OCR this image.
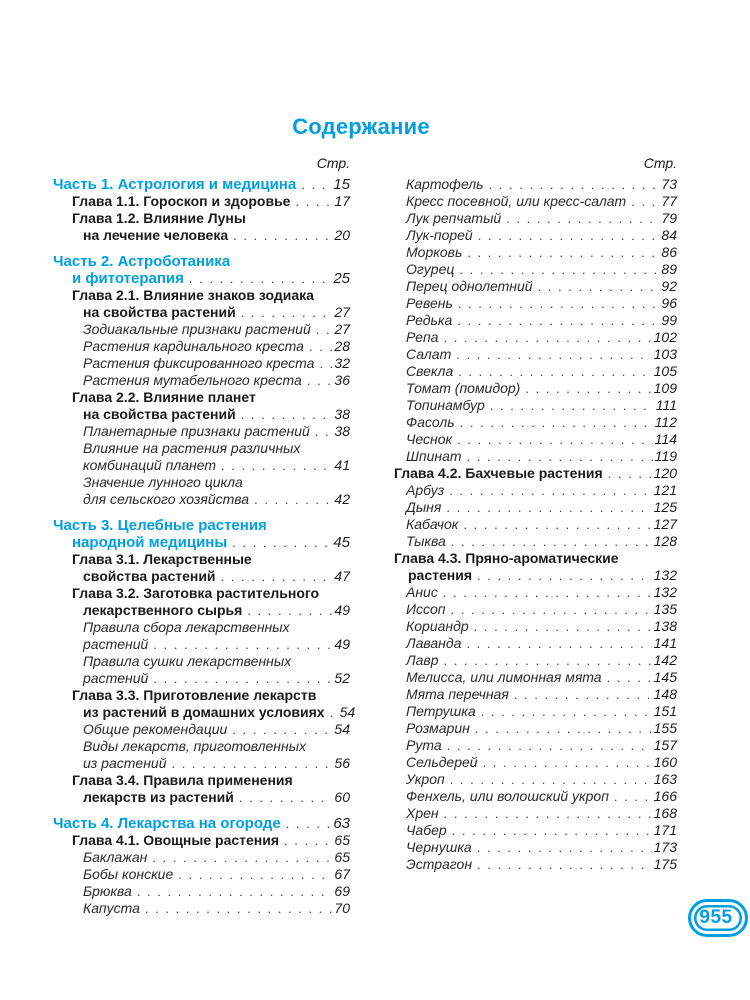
Содержание
Стр.
Часть 1. Астрология и медицина . . . 15
Глава 1.1. Гороскоп и здоровье . . .	17
Глава 1.2. Влияние Луны
на лечение человека . . .	20
Часть 2. Астроботаника
и фитотерапия . . .	25
Глава 2.1. Влияние знаков зодиака
на свойства растений . . .	27
Зодиакальные признаки растений . . . 27
Растения кардинального креста . . . 28
Растения фиксированного креста . . . 32
Растения мутабельного креста . . . 36
Глава 2.2. Влияние планет
на свойства растений . . .	38
Планетарные признаки растений . . . 38
Влияние на растения различных
комбинаций планет . . .	41
Значение лунного цикла
для сельского хозяйства . . .	42
Часть 3. Целебные растения
народной медицины . . .	45
Глава 3.1. Лекарственные
свойства растений . . .	47
Глава 3.2. Заготовка растительного
лекарственного сырья . . .	49
Правила сбора лекарственных
растений . . .	49
Правила сушки лекарственных
растений . . .	52
Глава 3.3. Приготовление лекарств
из растений в домашних условиях . . . 54
Общие рекомендации . . .	54
Виды лекарств, приготовленных
из растений . . .	56
Глава 3.4. Правила применения
лекарств из растений . . .	60
Часть 4. Лекарства на огороде . . .	63
Глава 4.1. Овощные растения . . .	65
Баклажан . . .	65
Бобы конские . . .	67
Брюква . . .	69
Капуста . . .	70
Стр.
Картофель . . .	73
Кресс посевной, или кресс-салат . . .	77
Лук репчатый . . .	79
Лук-порей . . .	84
Морковь . . .	86
Огурец . . .	89
Перец однолетний . . .	92
Ревень . . .	96
Редька . . .	99
Репа . . .	102
Салат . . .	103
Свекла . . .	105
Томат (помидор) . . .	109
Топинамбур . . .	111
Фасоль . . .	112
Чеснок . . .	114
Шпинат . . .	119
Глава 4.2. Бахчевые растения . . .	120
Арбуз . . .	121
Дыня . . .	125
Кабачок . . .	127
Тыква . . .	128
Глава 4.3. Пряно-ароматические
растения . . .	132
Анис . . .	132
Иссоп . . .	135
Кориандр . . .	138
Лаванда . . .	141
Лавр . . .	142
Мелисса, или лимонная мята . . .	145
Мята перечная . . .	148
Петрушка . . .	151
Розмарин . . .	155
Рута . . .	157
Сельдерей . . .	160
Укроп . . .	163
Фенхель, или волошский укроп . . .	166
Хрен . . .	168
Чабер . . .	171
Чернушка . . .	173
Эстрагон . . .	175
955
